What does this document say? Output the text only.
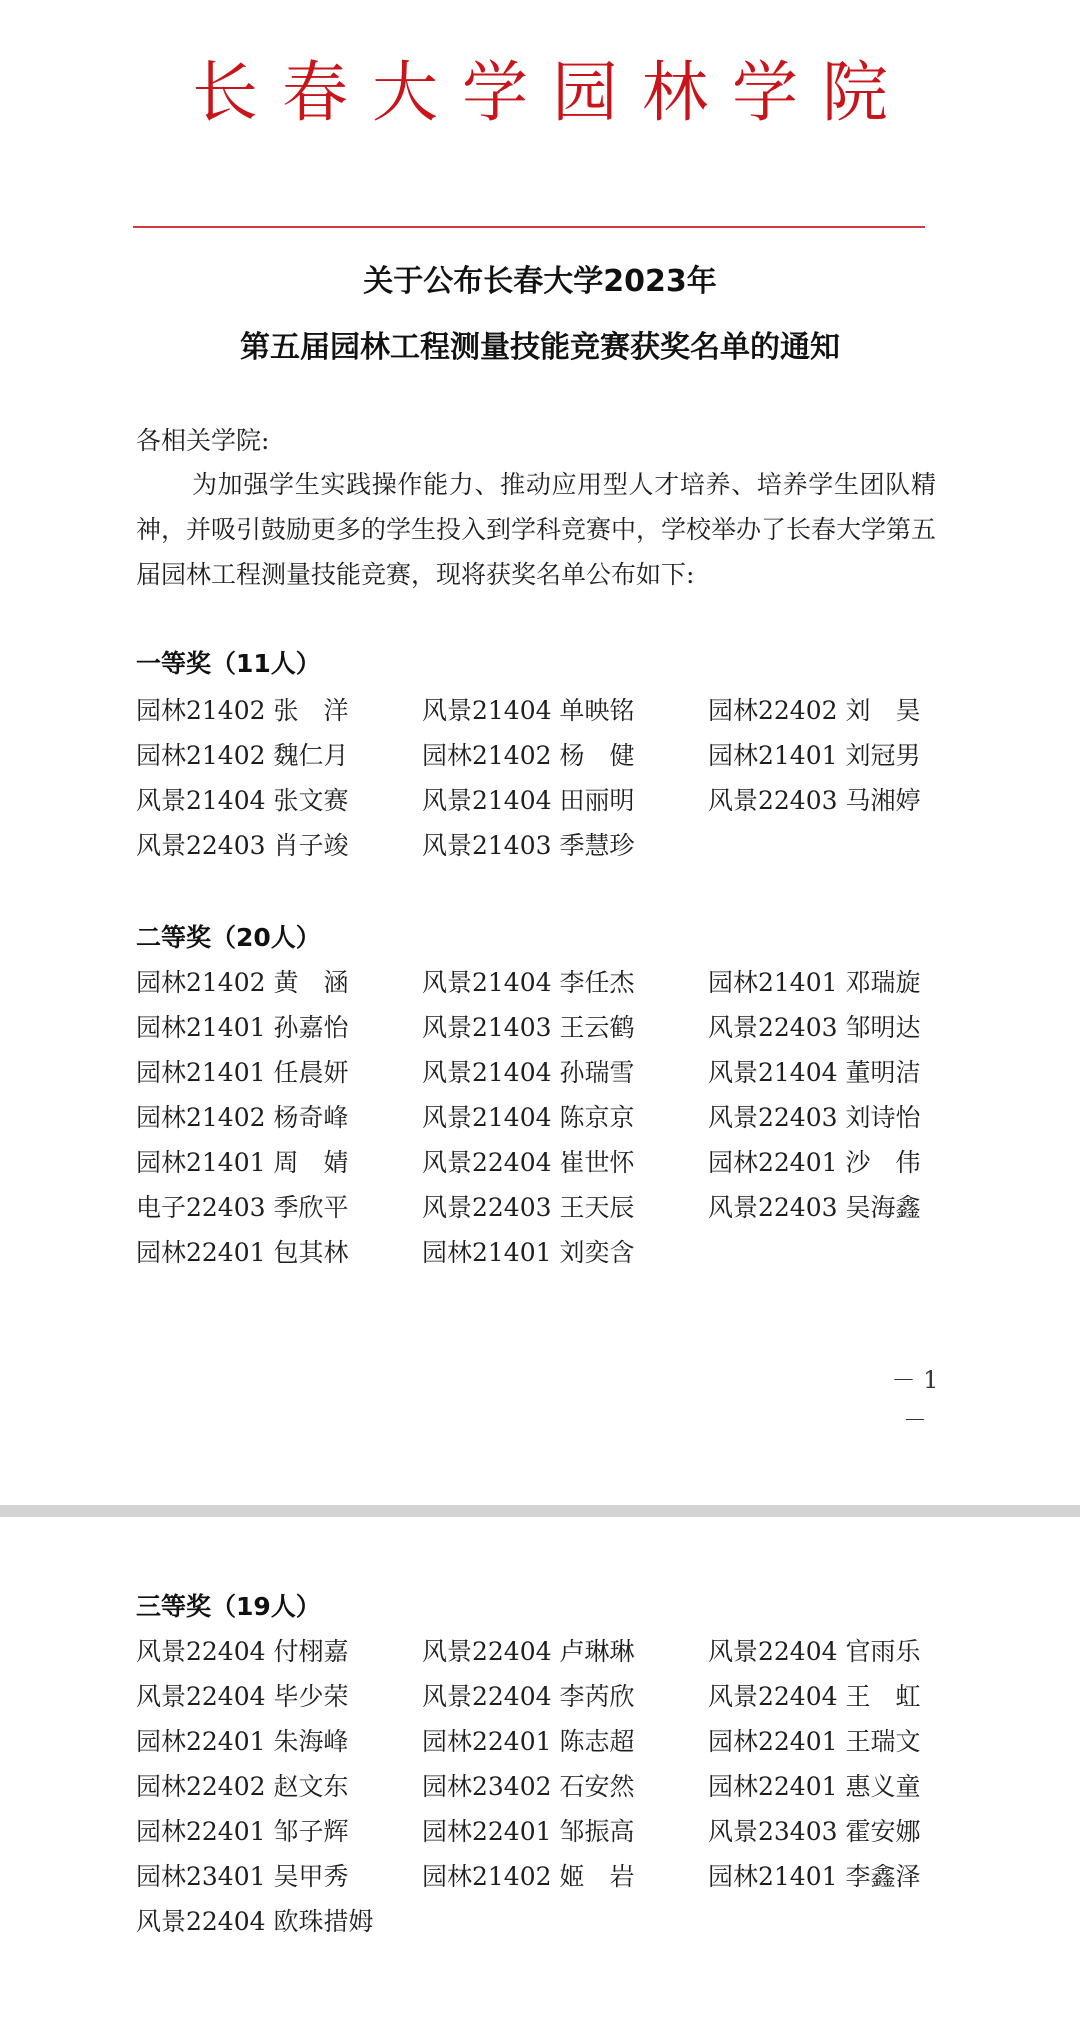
长春大学园林学院
关于公布长春大学2023年
第五届园林工程测量技能竞赛获奖名单的通知
各相关学院:
为加强学生实践操作能力、推动应用型人才培养、培养学生团队精神，并吸引鼓励更多的学生投入到学科竞赛中，学校举办了长春大学第五届园林工程测量技能竞赛，现将获奖名单公布如下:
一等奖（11人）
园林21402 张　洋	风景21404 单映铭	园林22402 刘　昊
园林21402 魏仁月	园林21402 杨　健	园林21401 刘冠男
风景21404 张文赛	风景21404 田丽明	风景22403 马湘婷
风景22403 肖子竣	风景21403 季慧珍
二等奖（20人）
园林21402 黄　涵	风景21404 李任杰	园林21401 邓瑞旋
园林21401 孙嘉怡	风景21403 王云鹤	风景22403 邹明达
园林21401 任晨妍	风景21404 孙瑞雪	风景21404 董明洁
园林21402 杨奇峰	风景21404 陈京京	风景22403 刘诗怡
园林21401 周　婧	风景22404 崔世怀	园林22401 沙　伟
电子22403 季欣平	风景22403 王天辰	风景22403 吴海鑫
园林22401 包其林	园林21401 刘奕含
－ 1 －
三等奖（19人）
风景22404 付栩嘉	风景22404 卢琳琳	风景22404 官雨乐
风景22404 毕少荣	风景22404 李芮欣	风景22404 王　虹
园林22401 朱海峰	园林22401 陈志超	园林22401 王瑞文
园林22402 赵文东	园林23402 石安然	园林22401 惠义童
园林22401 邹子辉	园林22401 邹振高	风景23403 霍安娜
园林23401 吴甲秀	园林21402 姬　岩	园林21401 李鑫泽
风景22404 欧珠措姆
